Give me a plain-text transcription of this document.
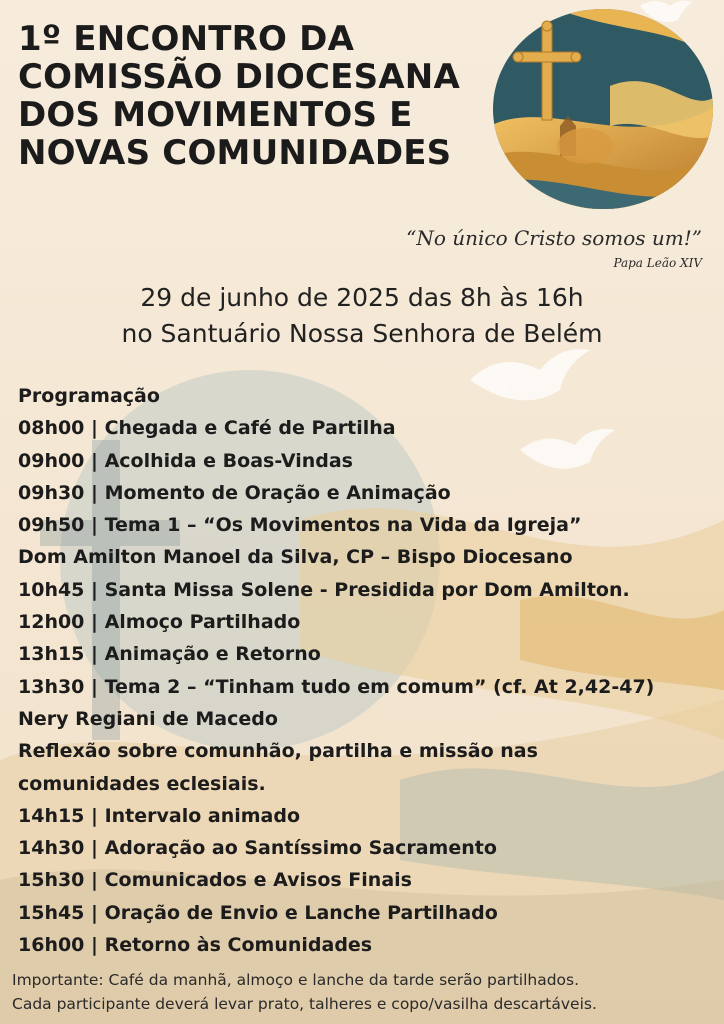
1º ENCONTRO DA
COMISSÃO DIOCESANA
DOS MOVIMENTOS E
NOVAS COMUNIDADES
“No único Cristo somos um!”
Papa Leão XIV
29 de junho de 2025 das 8h às 16h
no Santuário Nossa Senhora de Belém
Programação
08h00 | Chegada e Café de Partilha
09h00 | Acolhida e Boas-Vindas
09h30 | Momento de Oração e Animação
09h50 | Tema 1 – “Os Movimentos na Vida da Igreja”
Dom Amilton Manoel da Silva, CP – Bispo Diocesano
10h45 | Santa Missa Solene - Presidida por Dom Amilton.
12h00 | Almoço Partilhado
13h15 | Animação e Retorno
13h30 | Tema 2 – “Tinham tudo em comum” (cf. At 2,42-47)
Nery Regiani de Macedo
Reflexão sobre comunhão, partilha e missão nas
comunidades eclesiais.
14h15 | Intervalo animado
14h30 | Adoração ao Santíssimo Sacramento
15h30 | Comunicados e Avisos Finais
15h45 | Oração de Envio e Lanche Partilhado
16h00 | Retorno às Comunidades
Importante: Café da manhã, almoço e lanche da tarde serão partilhados.
Cada participante deverá levar prato, talheres e copo/vasilha descartáveis.
